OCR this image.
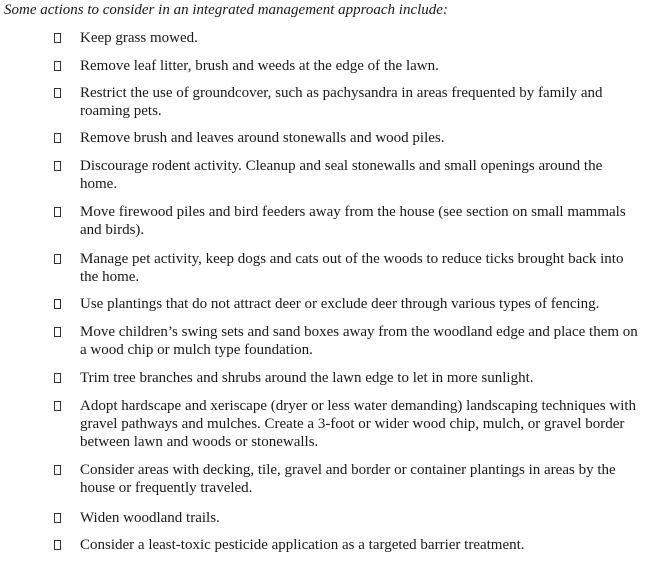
Some actions to consider in an integrated management approach include:
Keep grass mowed.
Remove leaf litter, brush and weeds at the edge of the lawn.
Restrict the use of groundcover, such as pachysandra in areas frequented by family and roaming pets.
Remove brush and leaves around stonewalls and wood piles.
Discourage rodent activity. Cleanup and seal stonewalls and small openings around the home.
Move firewood piles and bird feeders away from the house (see section on small mammals and birds).
Manage pet activity, keep dogs and cats out of the woods to reduce ticks brought back into the home.
Use plantings that do not attract deer or exclude deer through various types of fencing.
Move children’s swing sets and sand boxes away from the woodland edge and place them on a wood chip or mulch type foundation.
Trim tree branches and shrubs around the lawn edge to let in more sunlight.
Adopt hardscape and xeriscape (dryer or less water demanding) landscaping techniques with gravel pathways and mulches. Create a 3-foot or wider wood chip, mulch, or gravel border between lawn and woods or stonewalls.
Consider areas with decking, tile, gravel and border or container plantings in areas by the house or frequently traveled.
Widen woodland trails.
Consider a least-toxic pesticide application as a targeted barrier treatment.
